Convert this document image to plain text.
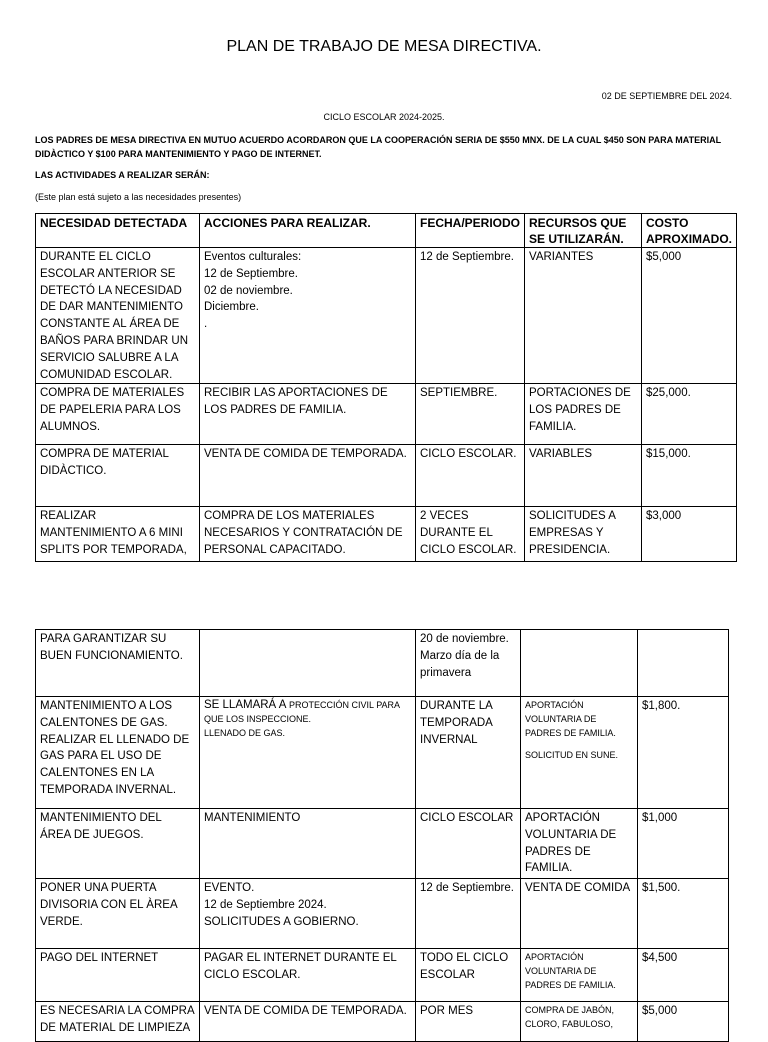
PLAN DE TRABAJO DE MESA DIRECTIVA.
02 DE SEPTIEMBRE DEL 2024.
CICLO ESCOLAR 2024-2025.
LOS PADRES DE MESA DIRECTIVA EN MUTUO ACUERDO ACORDARON QUE LA COOPERACIÓN SERIA DE $550 MNX. DE LA CUAL $450 SON PARA MATERIAL DIDÀCTICO Y $100 PARA MANTENIMIENTO Y PAGO DE INTERNET.
LAS ACTIVIDADES A REALIZAR SERÁN:
(Este plan está sujeto a las necesidades presentes)
NECESIDAD DETECTADA	ACCIONES PARA REALIZAR.	FECHA/PERIODO	RECURSOS QUE SE UTILIZARÁN.	COSTO APROXIMADO.
DURANTE EL CICLO ESCOLAR ANTERIOR SE DETECTÓ LA NECESIDAD DE DAR MANTENIMIENTO CONSTANTE AL ÁREA DE BAÑOS PARA BRINDAR UN SERVICIO SALUBRE A LA COMUNIDAD ESCOLAR.	Eventos culturales:
12 de Septiembre.
02 de noviembre.
Diciembre.
.	12 de Septiembre.	VARIANTES	$5,000
COMPRA DE MATERIALES DE PAPELERIA PARA LOS ALUMNOS.	RECIBIR LAS APORTACIONES DE LOS PADRES DE FAMILIA.	SEPTIEMBRE.	PORTACIONES DE LOS PADRES DE FAMILIA.	$25,000.
COMPRA DE MATERIAL DIDÀCTICO.	VENTA DE COMIDA DE TEMPORADA.	CICLO ESCOLAR.	VARIABLES	$15,000.
REALIZAR MANTENIMIENTO A 6 MINI SPLITS POR TEMPORADA,	COMPRA DE LOS MATERIALES NECESARIOS Y CONTRATACIÓN DE PERSONAL CAPACITADO.	2 VECES DURANTE EL CICLO ESCOLAR.	SOLICITUDES A EMPRESAS Y PRESIDENCIA.	$3,000
PARA GARANTIZAR SU BUEN FUNCIONAMIENTO.		20 de noviembre. Marzo día de la primavera		
MANTENIMIENTO A LOS CALENTONES DE GAS. REALIZAR EL LLENADO DE GAS PARA EL USO DE CALENTONES EN LA TEMPORADA INVERNAL.	SE LLAMARÁ A PROTECCIÓN CIVIL PARA QUE LOS INSPECCIONE.
LLENADO DE GAS.	DURANTE LA TEMPORADA INVERNAL	APORTACIÓN VOLUNTARIA DE PADRES DE FAMILIA.
SOLICITUD EN SUNE.	$1,800.
MANTENIMIENTO DEL ÁREA DE JUEGOS.	MANTENIMIENTO	CICLO ESCOLAR	APORTACIÓN VOLUNTARIA DE PADRES DE FAMILIA.	$1,000
PONER UNA PUERTA DIVISORIA CON EL ÀREA VERDE.	EVENTO.
12 de Septiembre 2024.
SOLICITUDES A GOBIERNO.	12 de Septiembre.	VENTA DE COMIDA	$1,500.
PAGO DEL INTERNET	PAGAR EL INTERNET DURANTE EL CICLO ESCOLAR.	TODO EL CICLO ESCOLAR	APORTACIÓN VOLUNTARIA DE PADRES DE FAMILIA.	$4,500
ES NECESARIA LA COMPRA DE MATERIAL DE LIMPIEZA	VENTA DE COMIDA DE TEMPORADA.	POR MES	COMPRA DE JABÓN, CLORO, FABULOSO,	$5,000
